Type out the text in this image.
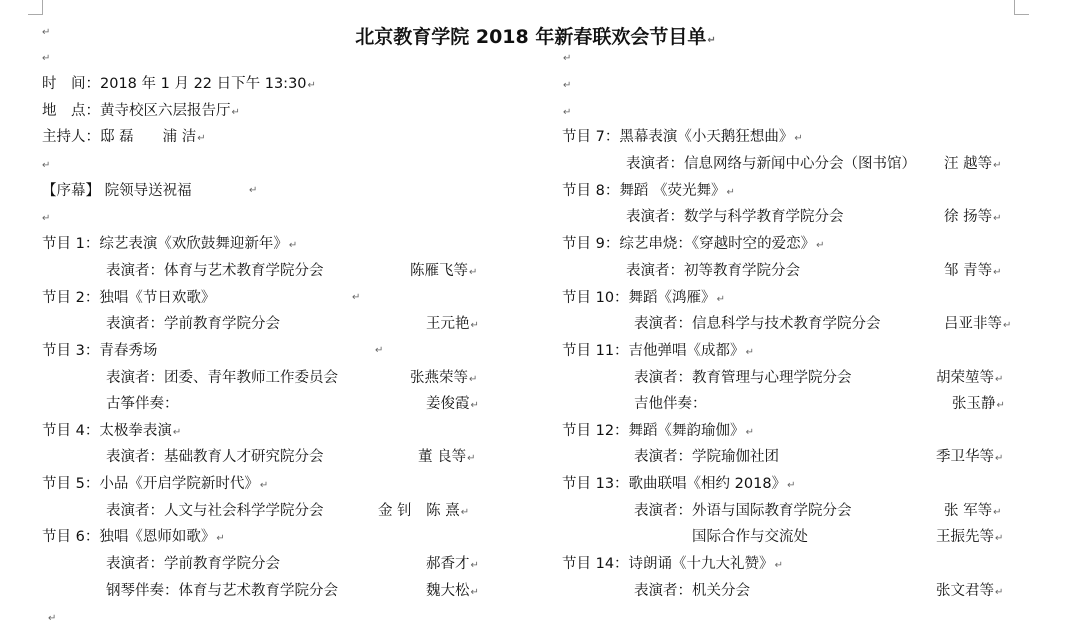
北京教育学院 2018 年新春联欢会节目单↵
↵
↵
时　间：2018 年 1 月 22 日下午 13:30↵
地　点：黄寺校区六层报告厅↵
主持人：邸 磊　　浦 洁↵
↵
【序幕】 院领导送祝福	↵
↵
节目 1：综艺表演《欢欣鼓舞迎新年》↵
表演者：体育与艺术教育学院分会	陈雁飞等↵
节目 2：独唱《节日欢歌》	↵
表演者：学前教育学院分会	王元艳↵
节目 3：青春秀场	↵
表演者：团委、青年教师工作委员会	张燕荣等↵
古筝伴奏：	姜俊霞↵
节目 4：太极拳表演↵
表演者：基础教育人才研究院分会	董 良等↵
节目 5：小品《开启学院新时代》↵
表演者：人文与社会科学学院分会	金 钊　陈 熹↵
节目 6：独唱《恩师如歌》↵
表演者：学前教育学院分会	郝香才↵
钢琴伴奏：体育与艺术教育学院分会	魏大松↵
↵
↵
↵
↵
节目 7：黑幕表演《小天鹅狂想曲》↵
表演者：信息网络与新闻中心分会（图书馆） 汪 越等↵
节目 8：舞蹈 《荧光舞》↵
表演者：数学与科学教育学院分会	徐 扬等↵
节目 9：综艺串烧：《穿越时空的爱恋》↵
表演者：初等教育学院分会	邹 青等↵
节目 10：舞蹈《鸿雁》↵
表演者：信息科学与技术教育学院分会	吕亚非等↵
节目 11：吉他弹唱《成都》↵
表演者：教育管理与心理学院分会	胡荣堃等↵
吉他伴奏：	张玉静↵
节目 12：舞蹈《舞韵瑜伽》↵
表演者：学院瑜伽社团	季卫华等↵
节目 13：歌曲联唱《相约 2018》↵
表演者：外语与国际教育学院分会	张 军等↵
　　　　国际合作与交流处	王振先等↵
节目 14：诗朗诵《十九大礼赞》↵
表演者：机关分会	张文君等↵
